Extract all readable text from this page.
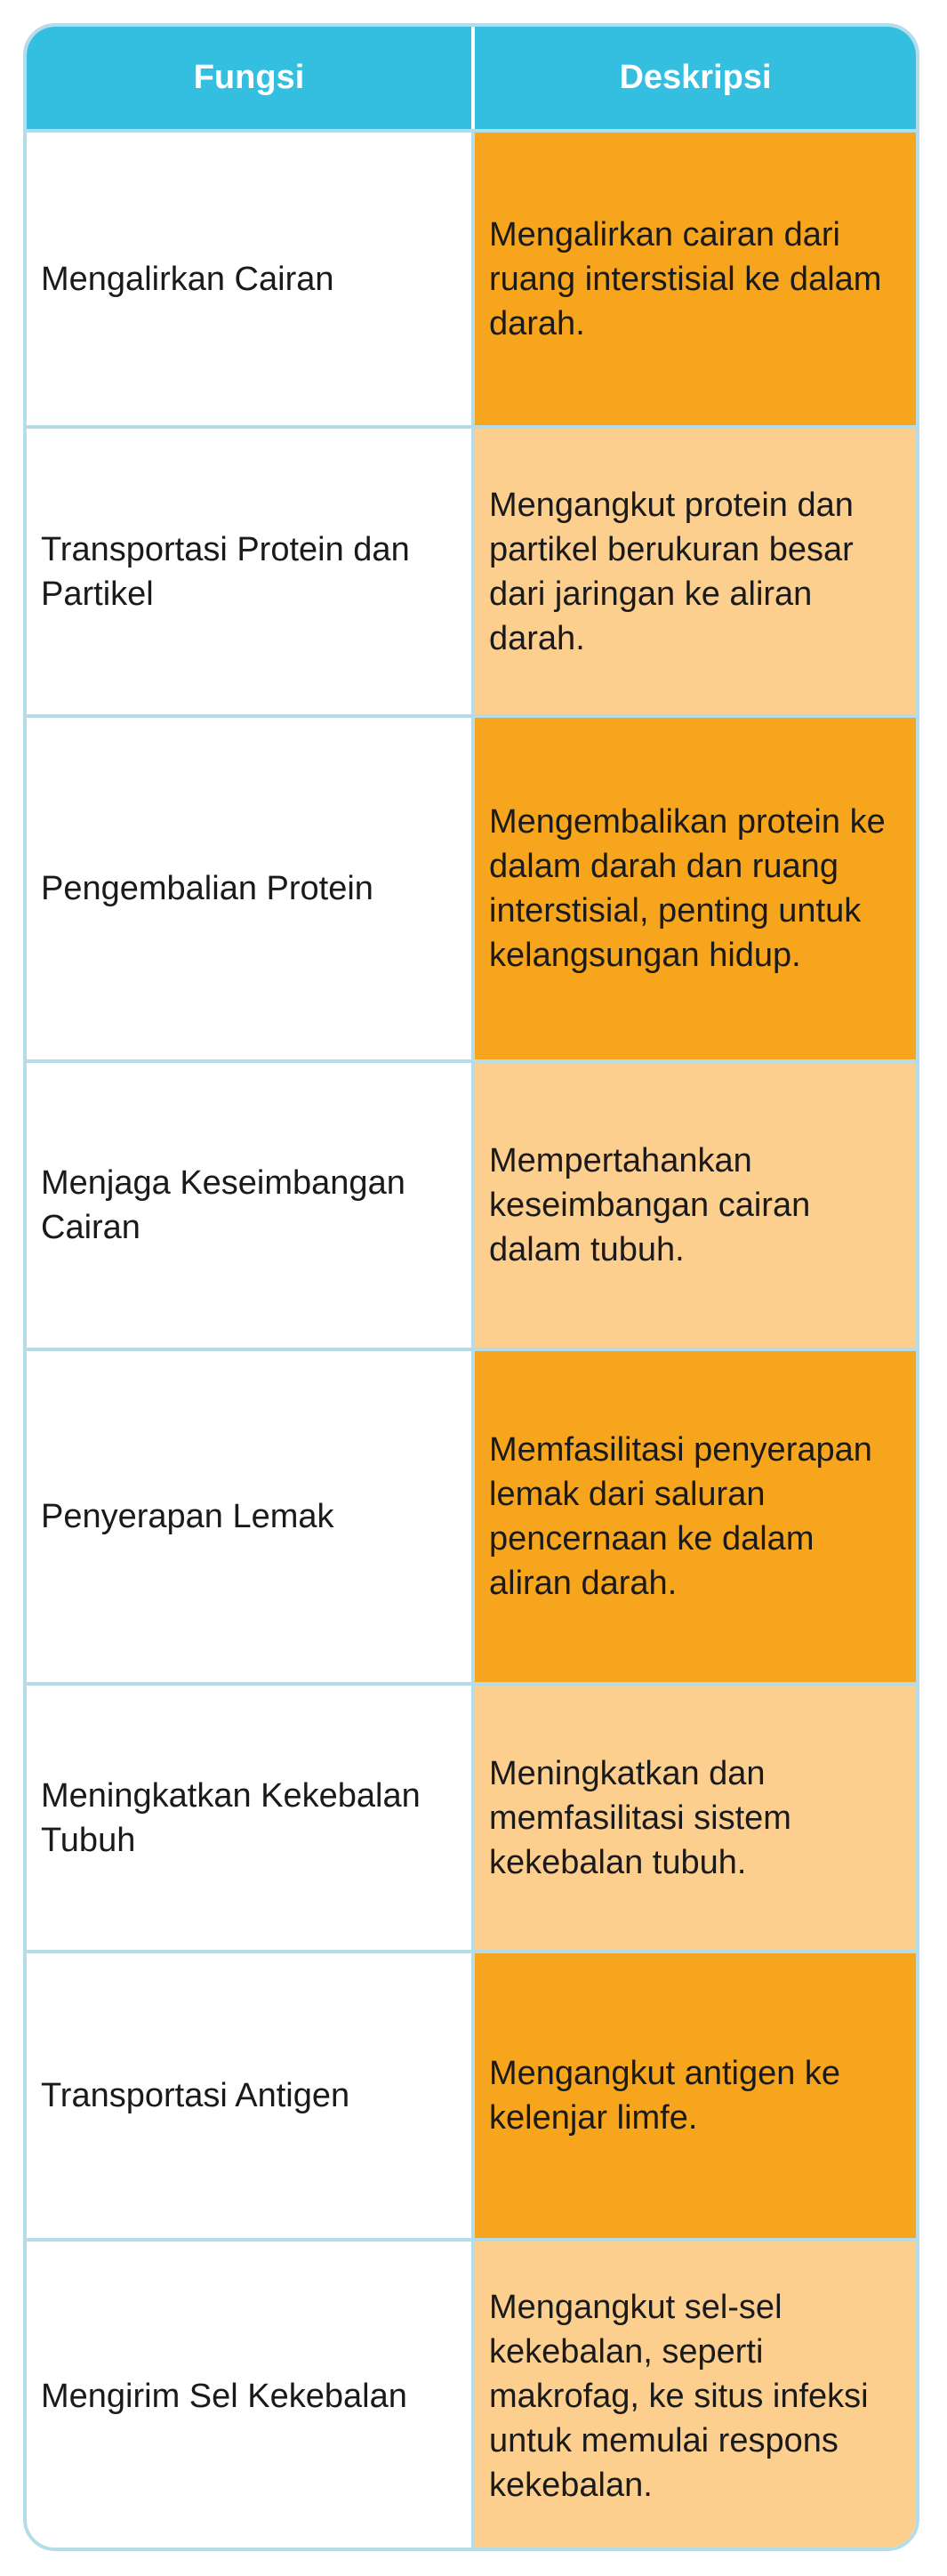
Fungsi	Deskripsi
Mengalirkan Cairan
Mengalirkan cairan dari ruang interstisial ke dalam darah.
Transportasi Protein dan Partikel
Mengangkut protein dan partikel berukuran besar dari jaringan ke aliran darah.
Pengembalian Protein
Mengembalikan protein ke dalam darah dan ruang interstisial, penting untuk kelangsungan hidup.
Menjaga Keseimbangan Cairan
Mempertahankan keseimbangan cairan dalam tubuh.
Penyerapan Lemak
Memfasilitasi penyerapan lemak dari saluran pencernaan ke dalam aliran darah.
Meningkatkan Kekebalan Tubuh
Meningkatkan dan memfasilitasi sistem kekebalan tubuh.
Transportasi Antigen
Mengangkut antigen ke kelenjar limfe.
Mengirim Sel Kekebalan
Mengangkut sel-sel kekebalan, seperti makrofag, ke situs infeksi untuk memulai respons kekebalan.
